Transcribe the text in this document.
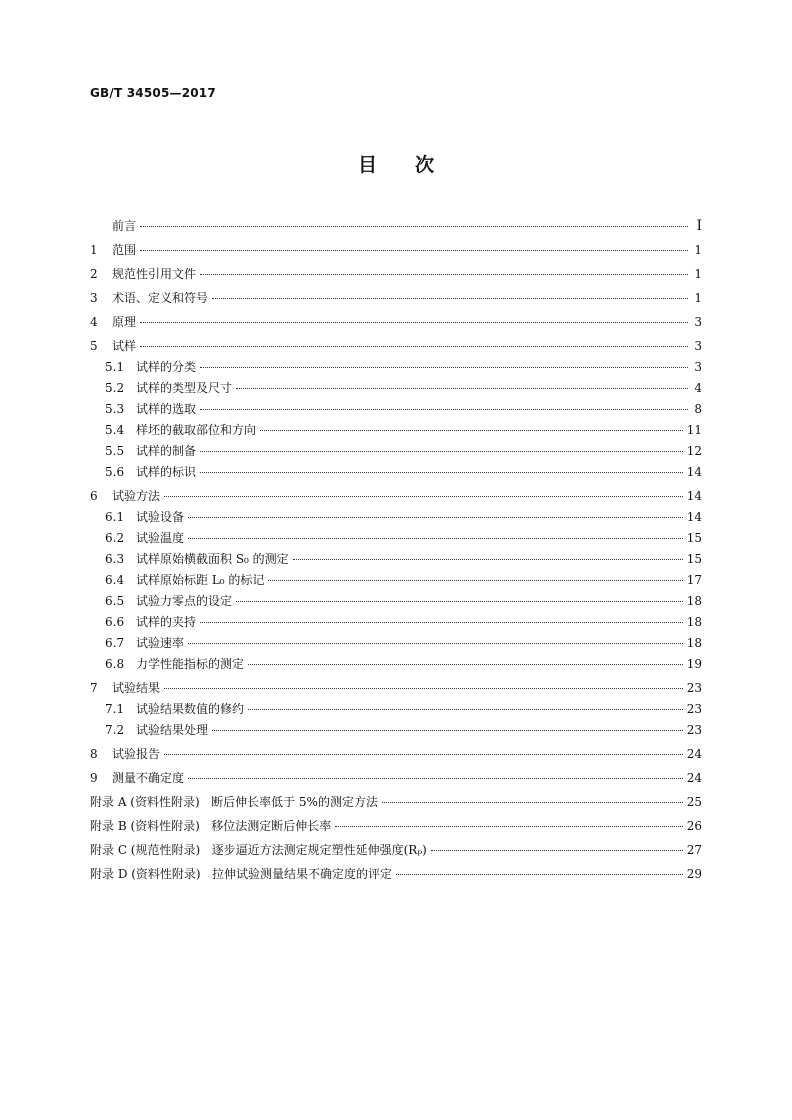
GB/T 34505—2017
目次
前言	Ⅰ
1	范围	1
2	规范性引用文件	1
3	术语、定义和符号	1
4	原理	3
5	试样	3
5.1 试样的分类	3
5.2 试样的类型及尺寸	4
5.3 试样的选取	8
5.4 样坯的截取部位和方向	11
5.5 试样的制备	12
5.6 试样的标识	14
6	试验方法	14
6.1 试验设备	14
6.2 试验温度	15
6.3 试样原始横截面积 S₀ 的测定	15
6.4 试样原始标距 L₀ 的标记	17
6.5 试验力零点的设定	18
6.6 试样的夹持	18
6.7 试验速率	18
6.8 力学性能指标的测定	19
7	试验结果	23
7.1 试验结果数值的修约	23
7.2 试验结果处理	23
8	试验报告	24
9	测量不确定度	24
附录 A (资料性附录)   断后伸长率低于 5%的测定方法	25
附录 B (资料性附录)   移位法测定断后伸长率	26
附录 C (规范性附录)   逐步逼近方法测定规定塑性延伸强度(Rₚ)	27
附录 D (资料性附录)   拉伸试验测量结果不确定度的评定	29
